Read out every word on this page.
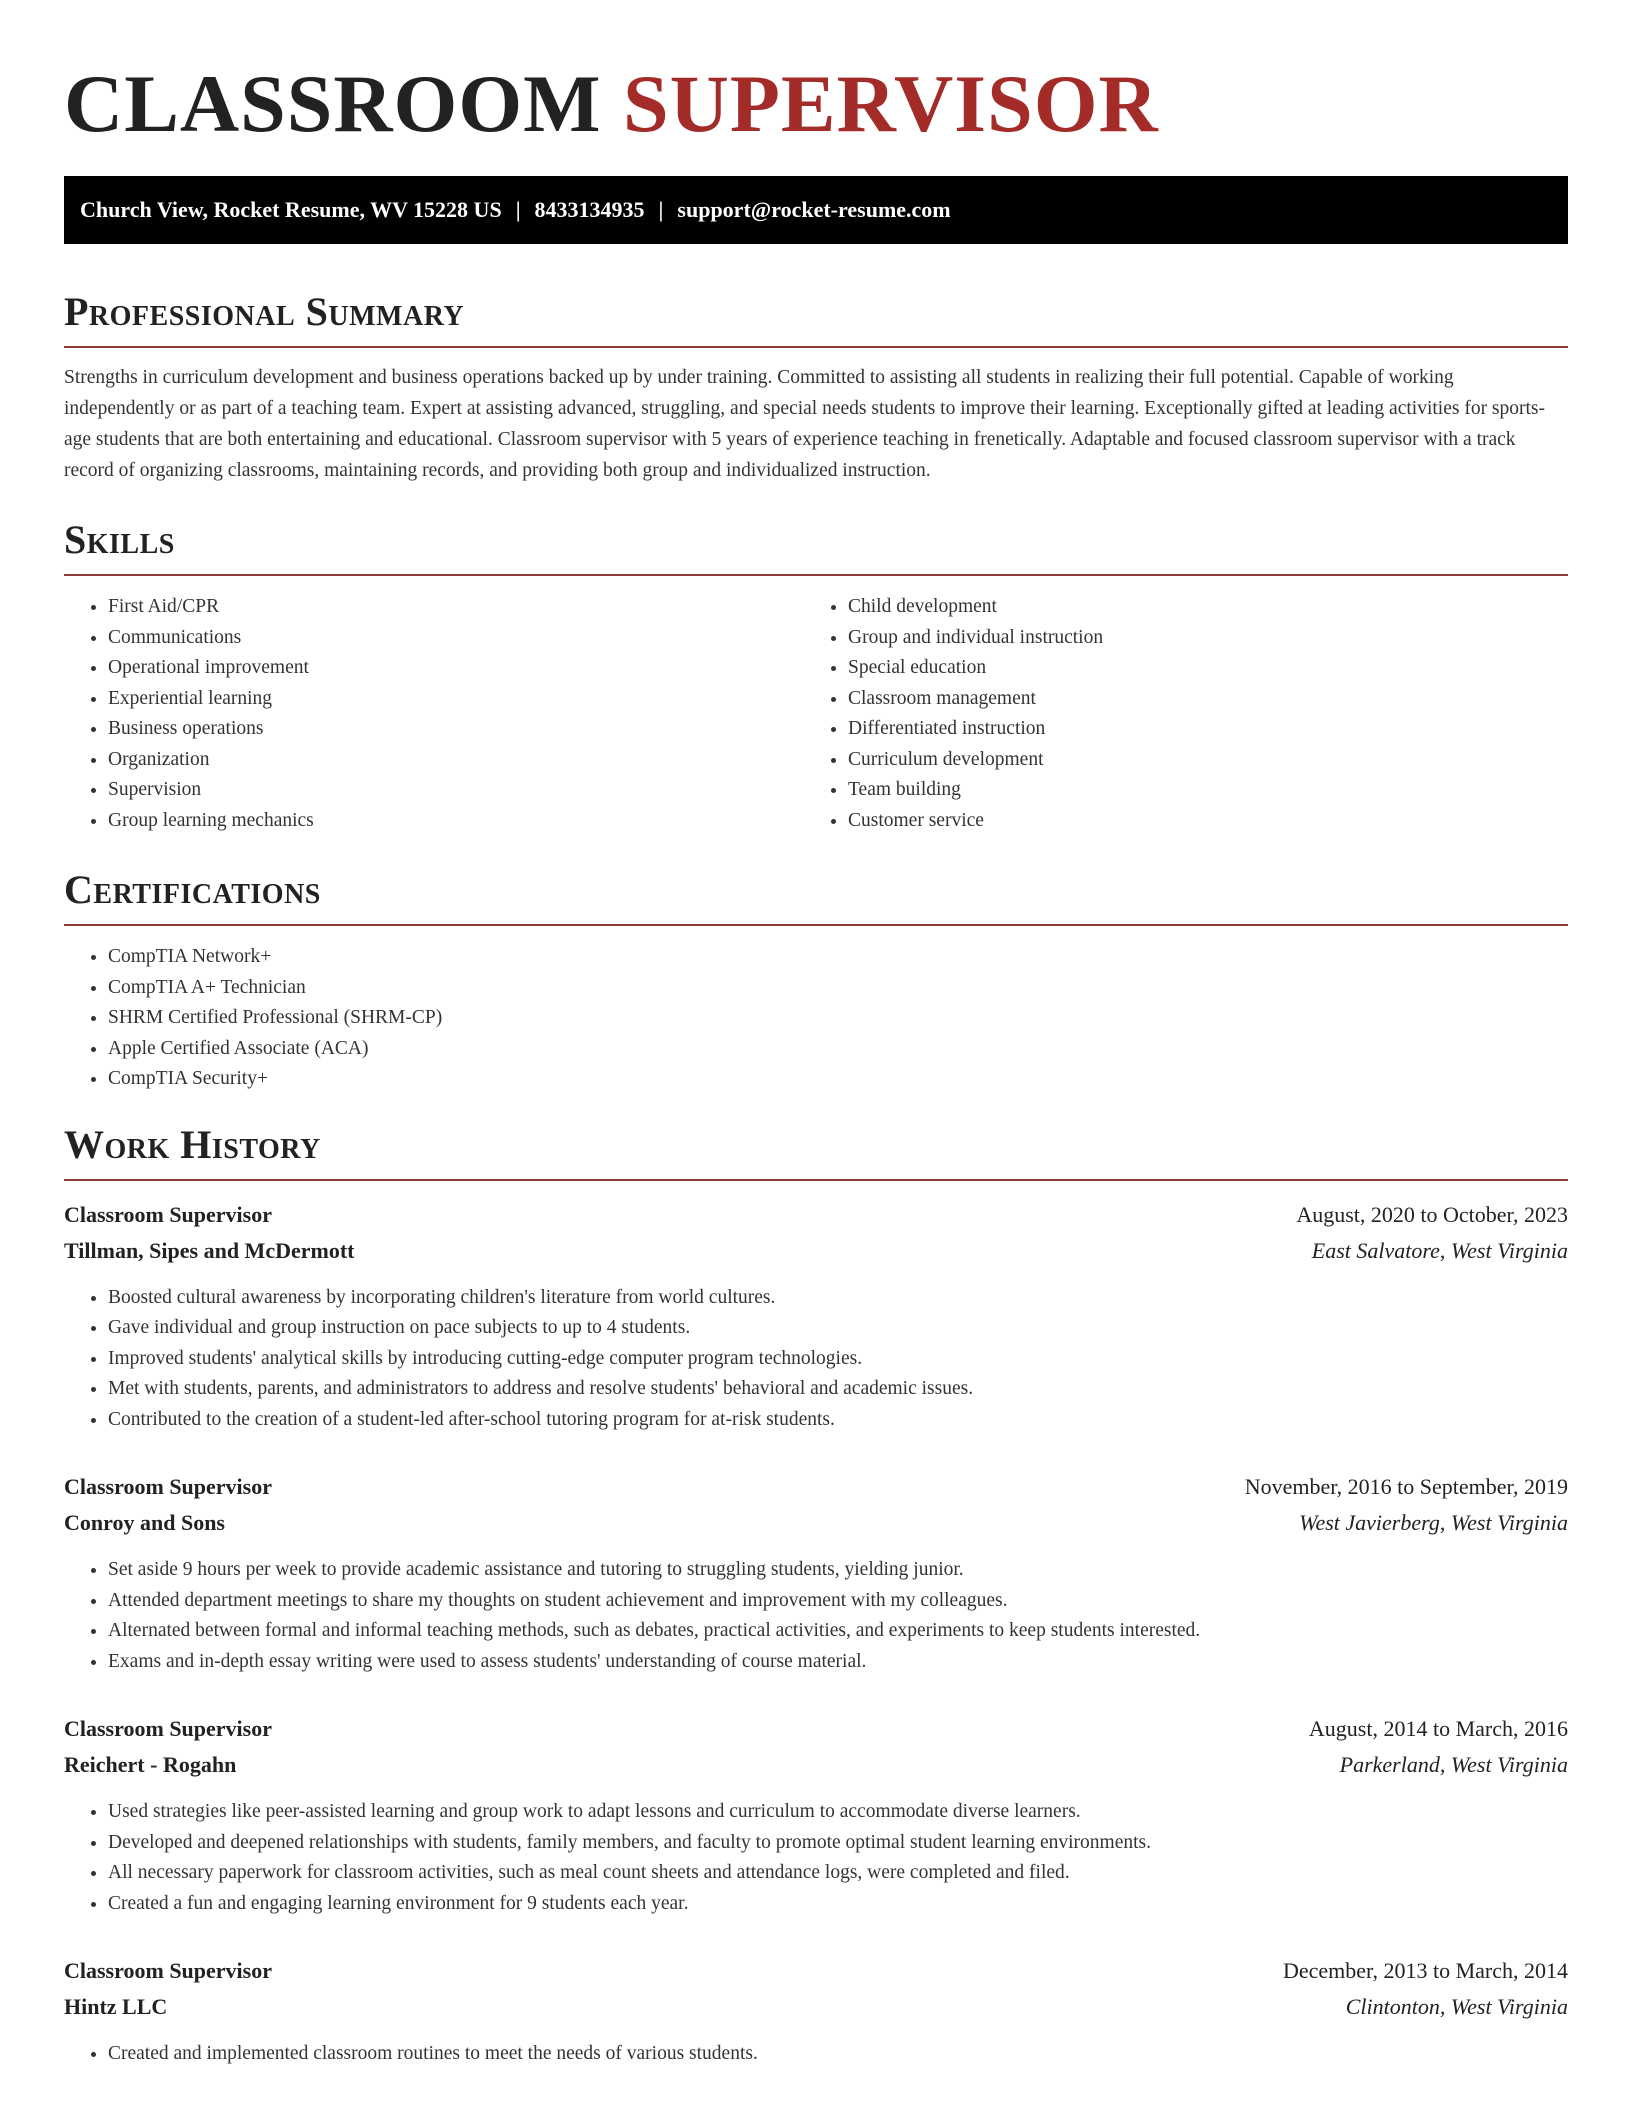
CLASSROOM SUPERVISOR
Church View, Rocket Resume, WV 15228 US | 8433134935 | support@rocket-resume.com
Professional Summary

Strengths in curriculum development and business operations backed up by under training. Committed to assisting all students in realizing their full potential. Capable of working independently or as part of a teaching team. Expert at assisting advanced, struggling, and special needs students to improve their learning. Exceptionally gifted at leading activities for sports-age students that are both entertaining and educational. Classroom supervisor with 5 years of experience teaching in frenetically. Adaptable and focused classroom supervisor with a track record of organizing classrooms, maintaining records, and providing both group and individualized instruction.

Skills
• First Aid/CPR
• Communications
• Operational improvement
• Experiential learning
• Business operations
• Organization
• Supervision
• Group learning mechanics
• Child development
• Group and individual instruction
• Special education
• Classroom management
• Differentiated instruction
• Curriculum development
• Team building
• Customer service
Certifications
• CompTIA Network+
• CompTIA A+ Technician
• SHRM Certified Professional (SHRM-CP)
• Apple Certified Associate (ACA)
• CompTIA Security+
Work History
Classroom Supervisor	August, 2020 to October, 2023
Tillman, Sipes and McDermott	East Salvatore, West Virginia
• Boosted cultural awareness by incorporating children's literature from world cultures.
• Gave individual and group instruction on pace subjects to up to 4 students.
• Improved students' analytical skills by introducing cutting-edge computer program technologies.
• Met with students, parents, and administrators to address and resolve students' behavioral and academic issues.
• Contributed to the creation of a student-led after-school tutoring program for at-risk students.
Classroom Supervisor	November, 2016 to September, 2019
Conroy and Sons	West Javierberg, West Virginia
• Set aside 9 hours per week to provide academic assistance and tutoring to struggling students, yielding junior.
• Attended department meetings to share my thoughts on student achievement and improvement with my colleagues.
• Alternated between formal and informal teaching methods, such as debates, practical activities, and experiments to keep students interested.
• Exams and in-depth essay writing were used to assess students' understanding of course material.
Classroom Supervisor	August, 2014 to March, 2016
Reichert - Rogahn	Parkerland, West Virginia
• Used strategies like peer-assisted learning and group work to adapt lessons and curriculum to accommodate diverse learners.
• Developed and deepened relationships with students, family members, and faculty to promote optimal student learning environments.
• All necessary paperwork for classroom activities, such as meal count sheets and attendance logs, were completed and filed.
• Created a fun and engaging learning environment for 9 students each year.
Classroom Supervisor	December, 2013 to March, 2014
Hintz LLC	Clintonton, West Virginia
• Created and implemented classroom routines to meet the needs of various students.
